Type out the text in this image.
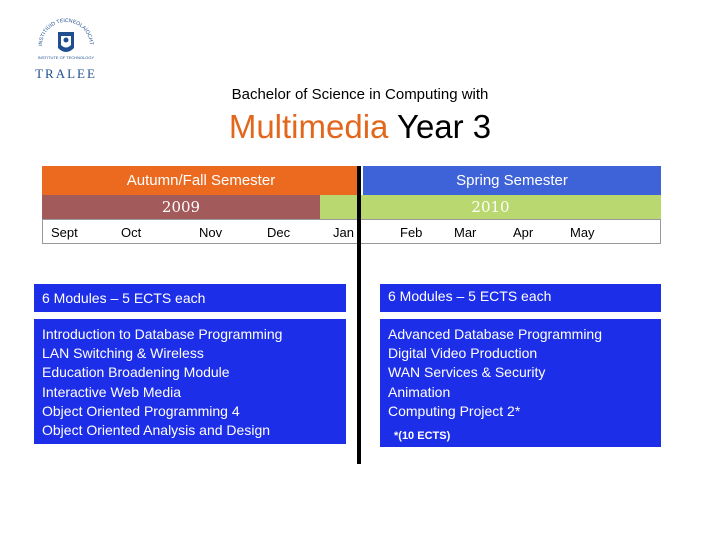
INSTITIÚID TEICNEOLAÍOCHT
INSTITUTE OF TECHNOLOGY
TRALEE
Bachelor of Science in Computing with
Multimedia Year 3
Autumn/Fall Semester	Spring Semester
2009	2010
Sept	Oct	Nov	Dec	Jan	Feb Mar	Apr	May
6 Modules – 5 ECTS each
Introduction to Database Programming
LAN Switching & Wireless
Education Broadening Module
Interactive Web Media
Object Oriented Programming 4
Object Oriented Analysis and Design
6 Modules – 5 ECTS each
Advanced Database Programming
Digital Video Production
WAN Services & Security
Animation
Computing Project 2*
*(10 ECTS)
